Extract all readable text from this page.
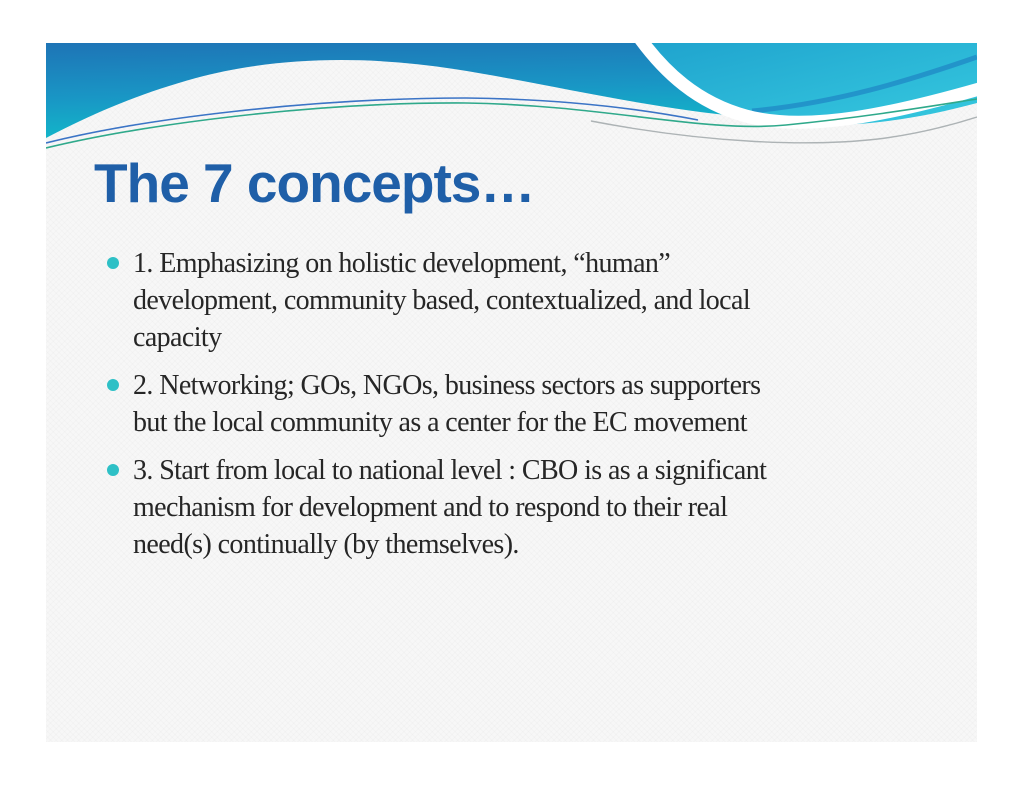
The 7 concepts…
1. Emphasizing on holistic development, “human”
development, community based, contextualized, and local
capacity
2. Networking; GOs, NGOs, business sectors as supporters
but the local community as a center for the EC movement
3. Start from local to national level : CBO is as a significant
mechanism for development and to respond to their real
need(s) continually (by themselves).
